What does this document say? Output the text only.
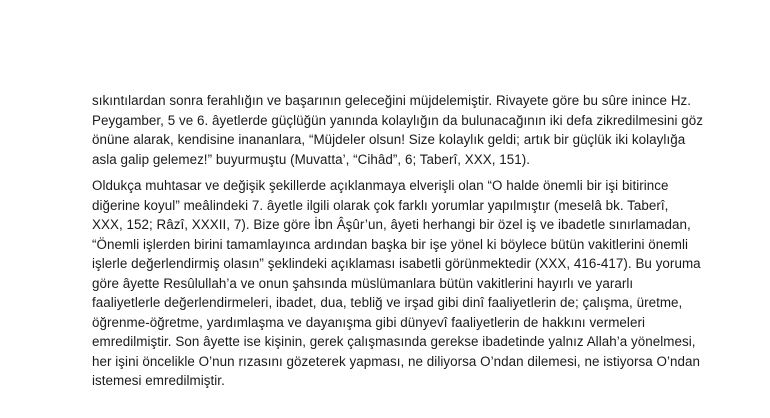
sıkıntılardan sonra ferahlığın ve başarının geleceğini müjdelemiştir. Rivayete göre bu sûre inince Hz.
Peygamber, 5 ve 6. âyetlerde güçlüğün yanında kolaylığın da bulunacağının iki defa zikredilmesini göz
önüne alarak, kendisine inananlara, “Müjdeler olsun! Size kolaylık geldi; artık bir güçlük iki kolaylığa
asla galip gelemez!” buyurmuştu (Muvatta’, “Cihâd”, 6; Taberî, XXX, 151).
Oldukça muhtasar ve değişik şekillerde açıklanmaya elverişli olan “O halde önemli bir işi bitirince
diğerine koyul” meâlindeki 7. âyetle ilgili olarak çok farklı yorumlar yapılmıştır (meselâ bk. Taberî,
XXX, 152; Râzî, XXXII, 7). Bize göre İbn Âşûr’un, âyeti herhangi bir özel iş ve ibadetle sınırlamadan,
“Önemli işlerden birini tamamlayınca ardından başka bir işe yönel ki böylece bütün vakitlerini önemli
işlerle değerlendirmiş olasın” şeklindeki açıklaması isabetli görünmektedir (XXX, 416-417). Bu yoruma
göre âyette Resûlullah’a ve onun şahsında müslümanlara bütün vakitlerini hayırlı ve yararlı
faaliyetlerle değerlendirmeleri, ibadet, dua, tebliğ ve irşad gibi dinî faaliyetlerin de; çalışma, üretme,
öğrenme-öğretme, yardımlaşma ve dayanışma gibi dünyevî faaliyetlerin de hakkını vermeleri
emredilmiştir. Son âyette ise kişinin, gerek çalışmasında gerekse ibadetinde yalnız Allah’a yönelmesi,
her işini öncelikle O’nun rızasını gözeterek yapması, ne diliyorsa O’ndan dilemesi, ne istiyorsa O’ndan
istemesi emredilmiştir.
